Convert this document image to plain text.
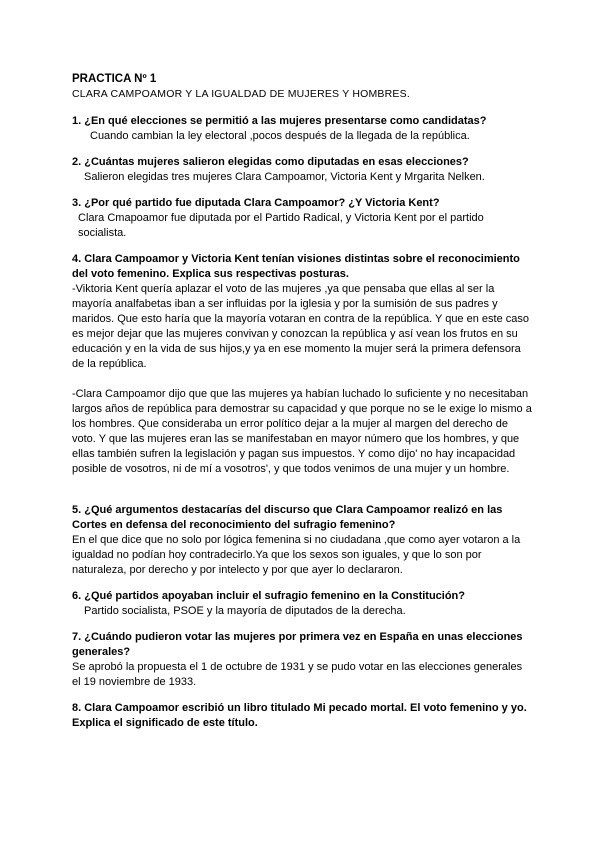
PRACTICA Nº 1

CLARA CAMPOAMOR Y LA IGUALDAD DE MUJERES Y HOMBRES.

1. ¿En qué elecciones se permitió a las mujeres presentarse como candidatas?

Cuando cambian la ley electoral ,pocos después de la llegada de la república.

2. ¿Cuántas mujeres salieron elegidas como diputadas en esas elecciones?

Salieron elegidas tres mujeres Clara Campoamor, Victoria Kent y Mrgarita Nelken.

3. ¿Por qué partido fue diputada Clara Campoamor? ¿Y Victoria Kent?

Clara Cmapoamor fue diputada por el Partido Radical, y Victoria Kent por el partido socialista.

4. Clara Campoamor y Victoria Kent tenían visiones distintas sobre el reconocimiento del voto femenino. Explica sus respectivas posturas.

-Viktoria Kent quería aplazar el voto de las mujeres ,ya que pensaba que ellas al ser la mayoría analfabetas iban a ser influidas por la iglesia y por la sumisión de sus padres y maridos. Que esto haría que la mayoría votaran en contra de la república. Y que en este caso es mejor dejar que las mujeres convivan y conozcan la república y así vean los frutos en su educación y en la vida de sus hijos,y ya en ese momento la mujer será la primera defensora de la república.

-Clara Campoamor dijo que que las mujeres ya habían luchado lo suficiente y no necesitaban largos años de república para demostrar su capacidad y que porque no se le exige lo mismo a los hombres. Que consideraba un error político dejar a la mujer al margen del derecho de voto. Y que las mujeres eran las se manifestaban en mayor número que los hombres, y que ellas también sufren la legislación y pagan sus impuestos. Y como dijo' no hay incapacidad posible de vosotros, ni de mí a vosotros', y que todos venimos de una mujer y un hombre.

5. ¿Qué argumentos destacarías del discurso que Clara Campoamor realizó en las Cortes en defensa del reconocimiento del sufragio femenino?

En el que dice que no solo por lógica femenina si no ciudadana ,que como ayer votaron a la igualdad no podían hoy contradecirlo.Ya que los sexos son iguales, y que lo son por naturaleza, por derecho y por intelecto y por que ayer lo declararon.

6. ¿Qué partidos apoyaban incluir el sufragio femenino en la Constitución?

Partido socialista, PSOE y la mayoría de diputados de la derecha.

7. ¿Cuándo pudieron votar las mujeres por primera vez en España en unas elecciones generales?

Se aprobó la propuesta el 1 de octubre de 1931 y se pudo votar en las elecciones generales el 19 noviembre de 1933.

8. Clara Campoamor escribió un libro titulado Mi pecado mortal. El voto femenino y yo. Explica el significado de este título.
